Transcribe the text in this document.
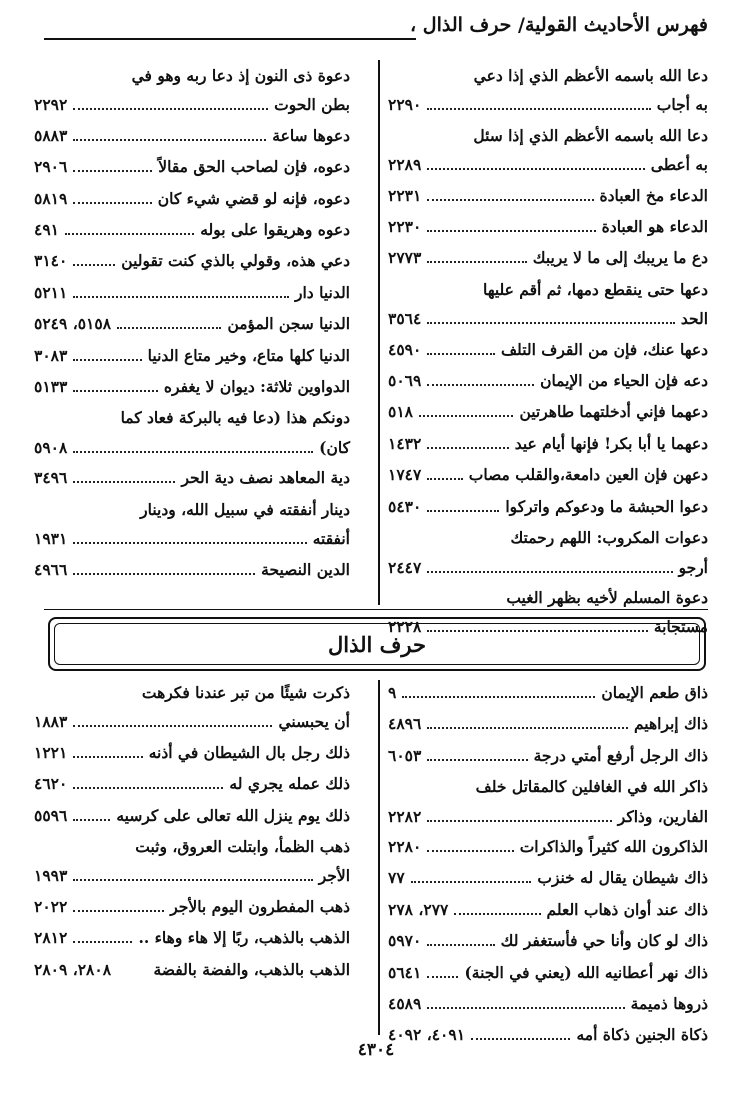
فهرس الأحاديث القولية/ حرف الذال ،
دعا الله باسمه الأعظم الذي إذا دعي
به أجاب
٢٢٩٠
دعا الله باسمه الأعظم الذي إذا سئل
به أعطى
٢٢٨٩
الدعاء مخ العبادة
٢٢٣١
الدعاء هو العبادة
٢٢٣٠
دع ما يريبك إلى ما لا يريبك
٢٧٧٣
دعها حتى ينقطع دمها، ثم أقم عليها
الحد
٣٥٦٤
دعها عنك، فإن من القرف التلف
٤٥٩٠
دعه فإن الحياء من الإيمان
٥٠٦٩
دعهما فإني أدخلتهما طاهرتين
٥١٨
دعهما يا أبا بكر! فإنها أيام عيد
١٤٣٢
دعهن فإن العين دامعة،والقلب مصاب
١٧٤٧
دعوا الحبشة ما ودعوكم واتركوا
٥٤٣٠
دعوات المكروب: اللهم رحمتك
أرجو
٢٤٤٧
دعوة المسلم لأخيه بظهر الغيب
مستجابة
٢٢٢٨
دعوة ذى النون إذ دعا ربه وهو في
بطن الحوت
٢٢٩٢
دعوها ساعة
٥٨٨٣
دعوه، فإن لصاحب الحق مقالاً
٢٩٠٦
دعوه، فإنه لو قضي شيء كان
٥٨١٩
دعوه وهريقوا على بوله
٤٩١
دعي هذه، وقولي بالذي كنت تقولين
٣١٤٠
الدنيا دار
٥٢١١
الدنيا سجن المؤمن
٥١٥٨، ٥٢٤٩
الدنيا كلها متاع، وخير متاع الدنيا
٣٠٨٣
الدواوين ثلاثة: ديوان لا يغفره
٥١٣٣
دونكم هذا (دعا فيه بالبركة فعاد كما
كان)
٥٩٠٨
دية المعاهد نصف دية الحر
٣٤٩٦
دينار أنفقته في سبيل الله، ودينار
أنفقته
١٩٣١
الدين النصيحة
٤٩٦٦
حرف الذال
ذاق طعم الإيمان
٩
ذاك إبراهيم
٤٨٩٦
ذاك الرجل أرفع أمتي درجة
٦٠٥٣
ذاكر الله في الغافلين كالمقاتل خلف
الفارين، وذاكر
٢٢٨٢
الذاكرون الله كثيراً والذاكرات
٢٢٨٠
ذاك شيطان يقال له خنزب
٧٧
ذاك عند أوان ذهاب العلم
٢٧٧، ٢٧٨
ذاك لو كان وأنا حي فأستغفر لك
٥٩٧٠
ذاك نهر أعطانيه الله (يعني في الجنة)
٥٦٤١
ذروها ذميمة
٤٥٨٩
ذكاة الجنين ذكاة أمه
٤٠٩١، ٤٠٩٢
ذكرت شيئًا من تبر عندنا فكرهت
أن يحبسني
١٨٨٣
ذلك رجل بال الشيطان في أذنه
١٢٢١
ذلك عمله يجري له
٤٦٢٠
ذلك يوم ينزل الله تعالى على كرسيه
٥٥٩٦
ذهب الظمأ، وابتلت العروق، وثبت
الأجر
١٩٩٣
ذهب المفطرون اليوم بالأجر
٢٠٢٢
الذهب بالذهب، ربًا إلا هاء وهاء ..
٢٨١٢
الذهب بالذهب، والفضة بالفضة
٢٨٠٨، ٢٨٠٩
٤٣٠٤
